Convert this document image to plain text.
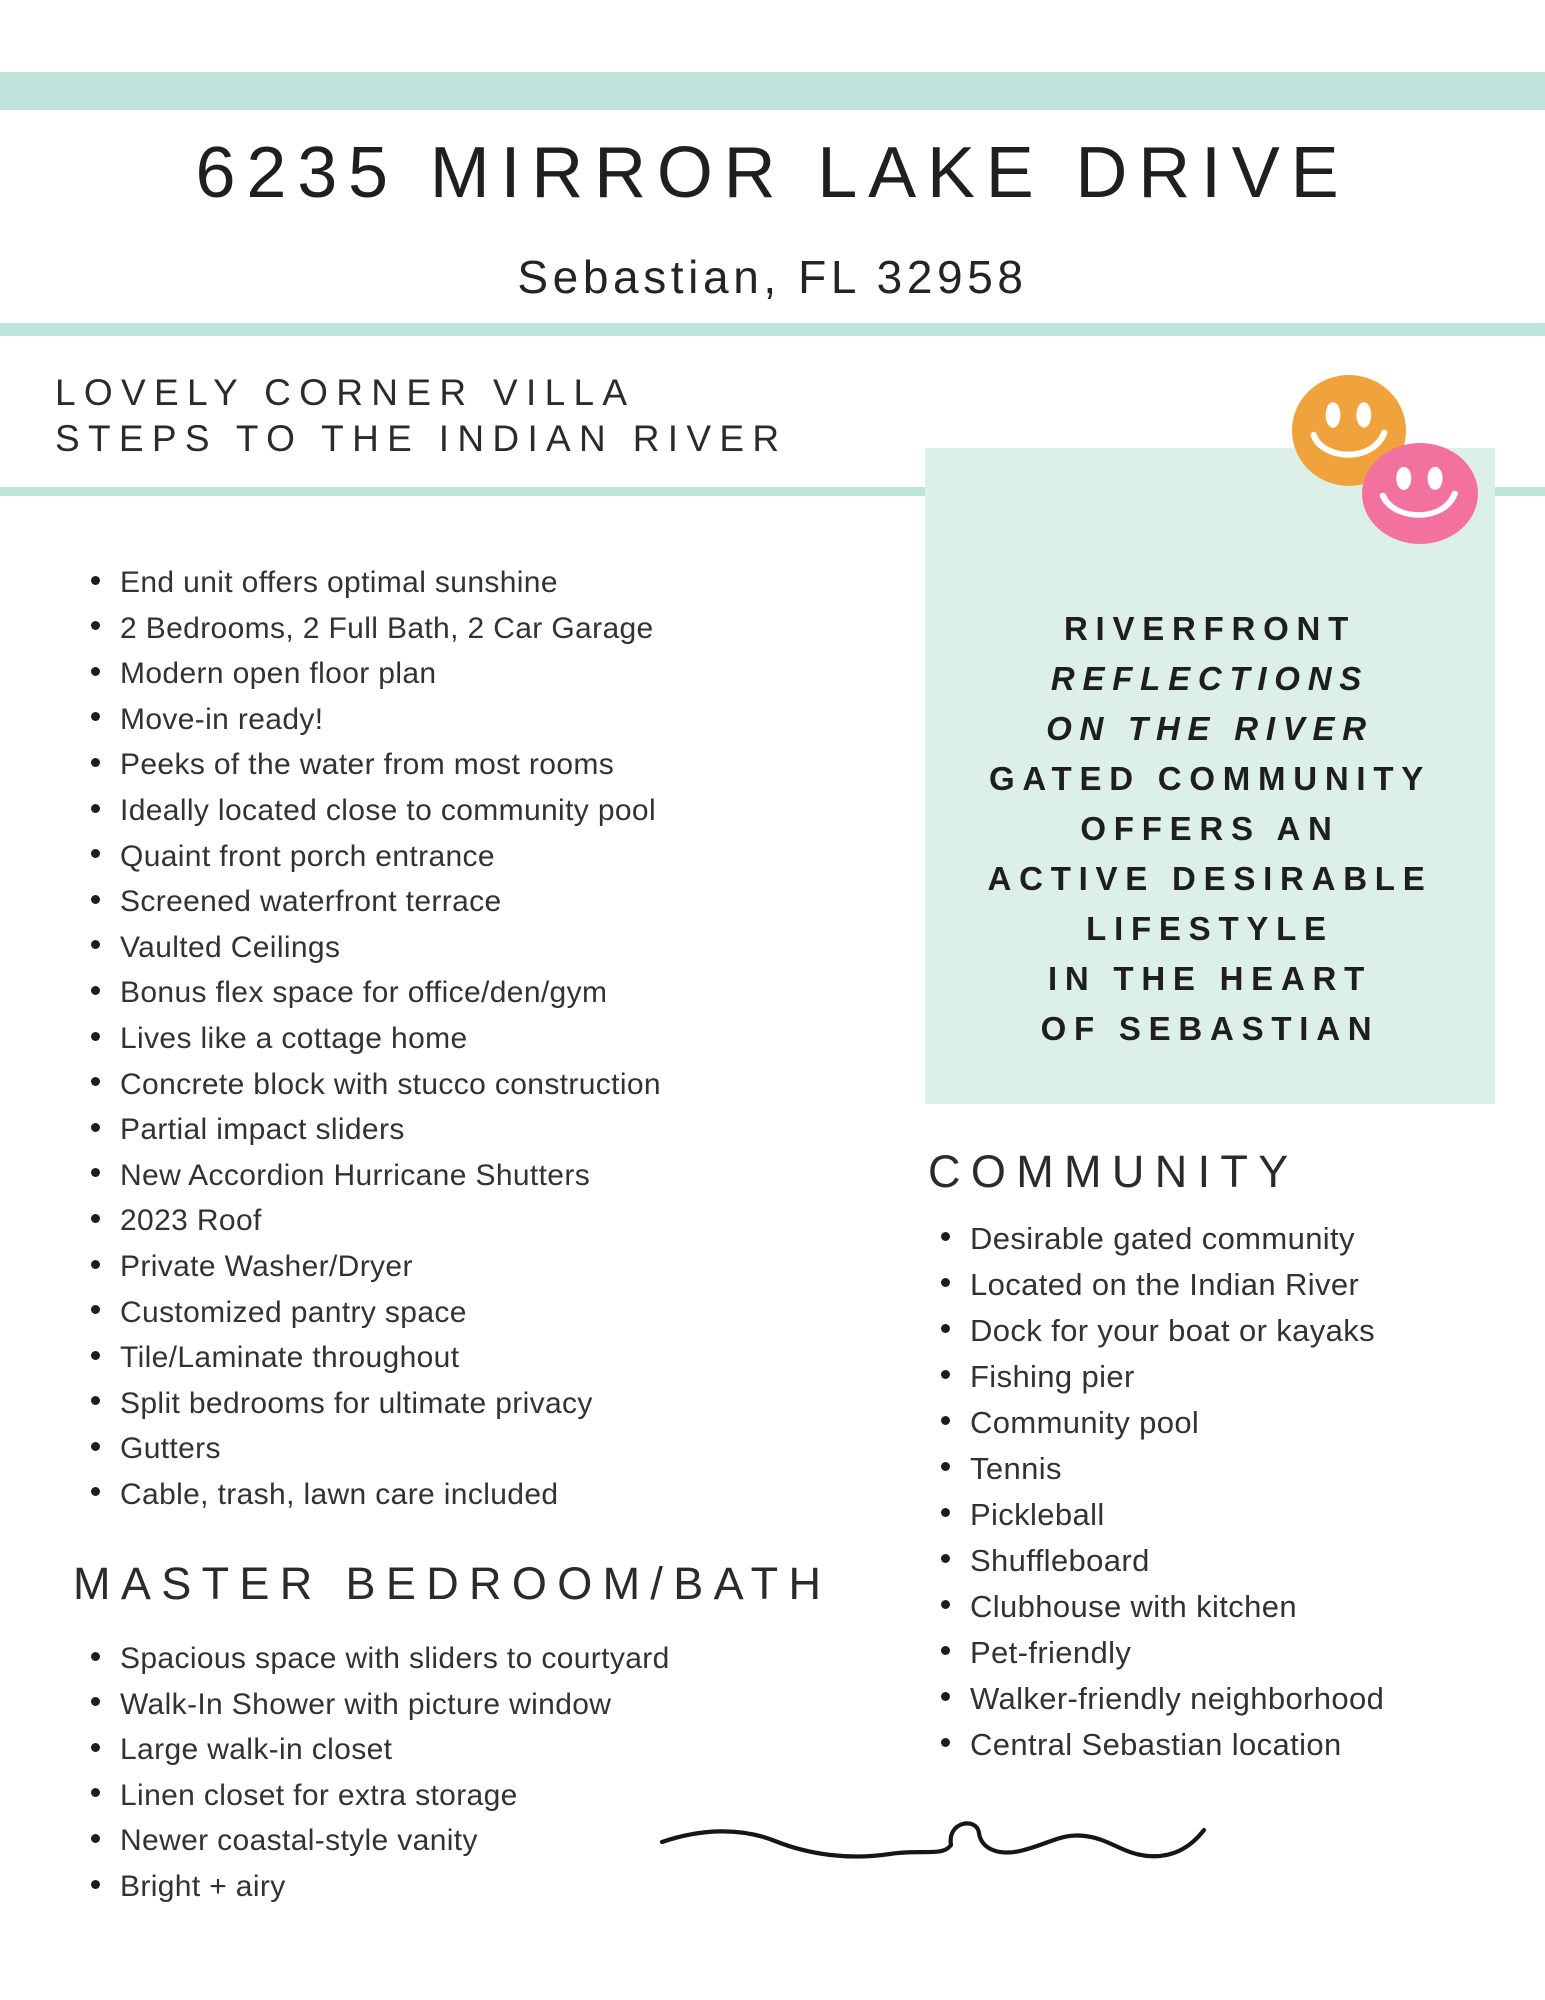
6235 MIRROR LAKE DRIVE
Sebastian, FL 32958
LOVELY CORNER VILLA
STEPS TO THE INDIAN RIVER
End unit offers optimal sunshine
2 Bedrooms, 2 Full Bath, 2 Car Garage
Modern open floor plan
Move-in ready!
Peeks of the water from most rooms
Ideally located close to community pool
Quaint front porch entrance
Screened waterfront terrace
Vaulted Ceilings
Bonus flex space for office/den/gym
Lives like a cottage home
Concrete block with stucco construction
Partial impact sliders
New Accordion Hurricane Shutters
2023 Roof
Private Washer/Dryer
Customized pantry space
Tile/Laminate throughout
Split bedrooms for ultimate privacy
Gutters
Cable, trash, lawn care included
RIVERFRONT
REFLECTIONS
ON THE RIVER
GATED COMMUNITY
OFFERS AN
ACTIVE DESIRABLE
LIFESTYLE
IN THE HEART
OF SEBASTIAN
COMMUNITY
Desirable gated community
Located on the Indian River
Dock for your boat or kayaks
Fishing pier
Community pool
Tennis
Pickleball
Shuffleboard
Clubhouse with kitchen
Pet-friendly
Walker-friendly neighborhood
Central Sebastian location
MASTER BEDROOM/BATH
Spacious space with sliders to courtyard
Walk-In Shower with picture window
Large walk-in closet
Linen closet for extra storage
Newer coastal-style vanity
Bright + airy
